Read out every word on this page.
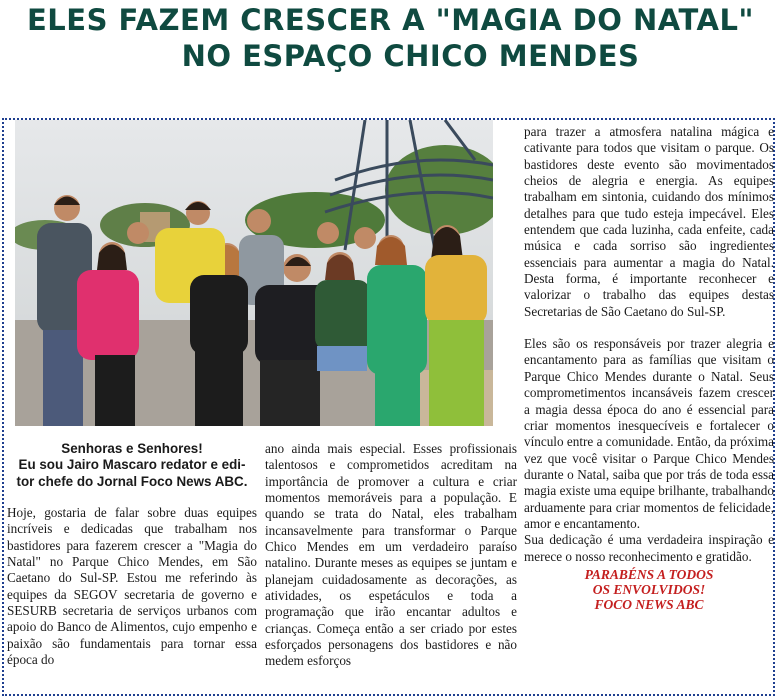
ELES FAZEM CRESCER A "MAGIA DO NATAL"
NO ESPAÇO CHICO MENDES
Senhoras e Senhores!
Eu sou Jairo Mascaro redator e edi-
tor chefe do Jornal Foco News ABC.

Hoje, gostaria de falar sobre duas equipes incríveis e dedicadas que trabalham nos bastidores para fazerem crescer a "Magia do Natal" no Parque Chico Mendes, em São Caetano do Sul-SP. Estou me referindo às equipes da SEGOV secretaria de governo e SESURB secretaria de serviços urbanos com apoio do Banco de Alimentos, cujo empenho e paixão são fundamentais para tornar essa época do

ano ainda mais especial. Esses profissionais talentosos e comprometidos acreditam na importância de promover a cultura e criar momentos memoráveis para a população. E quando se trata do Natal, eles trabalham incansavelmente para transformar o Parque Chico Mendes em um verdadeiro paraíso natalino. Durante meses as equipes se juntam e planejam cuidadosamente as decorações, as atividades, os espetáculos e toda a programação que irão encantar adultos e crianças. Começa então a ser criado por estes esforçados personagens dos bastidores e não medem esforços

para trazer a atmosfera natalina mágica e cativante para todos que visitam o parque. Os bastidores deste evento são movimentados cheios de alegria e energia. As equipes trabalham em sintonia, cuidando dos mínimos detalhes para que tudo esteja impecável. Eles entendem que cada luzinha, cada enfeite, cada música e cada sorriso são ingredientes essenciais para aumentar a magia do Natal. Desta forma, é importante reconhecer e valorizar o trabalho das equipes destas Secretarias de São Caetano do Sul-SP.

Eles são os responsáveis por trazer alegria e encantamento para as famílias que visitam o Parque Chico Mendes durante o Natal. Seus comprometimentos incansáveis fazem crescer a magia dessa época do ano é essencial para criar momentos inesquecíveis e fortalecer o vínculo entre a comunidade. Então, da próxima vez que você visitar o Parque Chico Mendes durante o Natal, saiba que por trás de toda essa magia existe uma equipe brilhante, trabalhando arduamente para criar momentos de felicidade, amor e encantamento.

Sua dedicação é uma verdadeira inspiração e merece o nosso reconhecimento e gratidão.

PARABÉNS A TODOS
OS ENVOLVIDOS!
FOCO NEWS ABC
